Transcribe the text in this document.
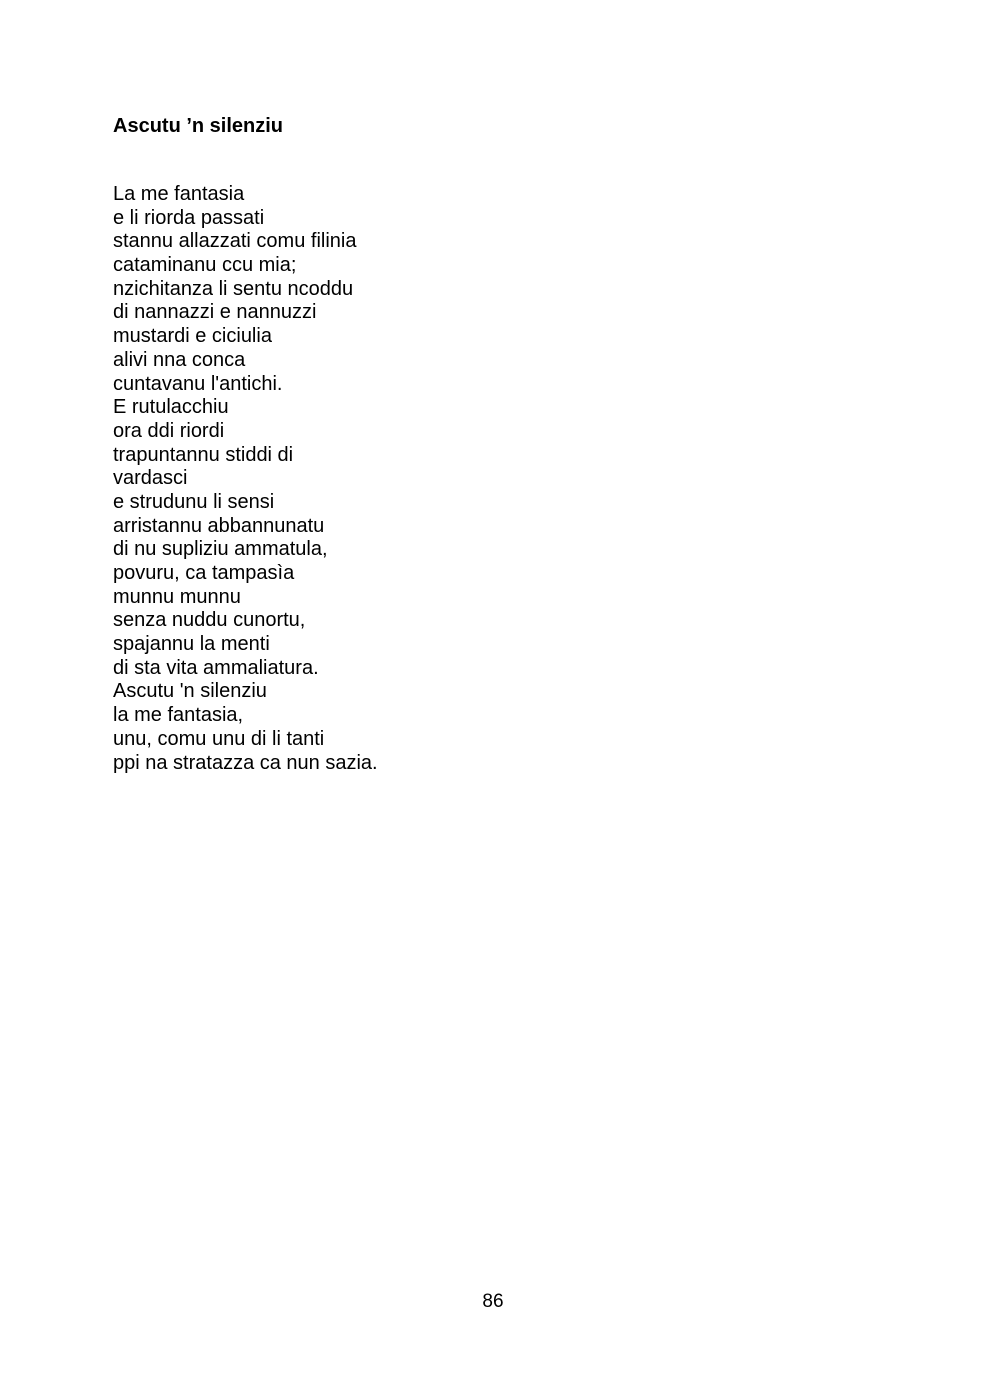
Ascutu ’n silenziu
La me fantasia
e li riorda passati
stannu allazzati comu filinia
cataminanu ccu mia;
nzichitanza li sentu ncoddu
di nannazzi e nannuzzi
mustardi e ciciulia
alivi nna conca
cuntavanu l'antichi.
E rutulacchiu
ora ddi riordi
trapuntannu stiddi di
vardasci
e strudunu li sensi
arristannu abbannunatu
di nu supliziu ammatula,
povuru, ca tampasìa
munnu munnu
senza nuddu cunortu,
spajannu la menti
di sta vita ammaliatura.
Ascutu 'n silenziu
la me fantasia,
unu, comu unu di li tanti
ppi na stratazza ca nun sazia.
86
